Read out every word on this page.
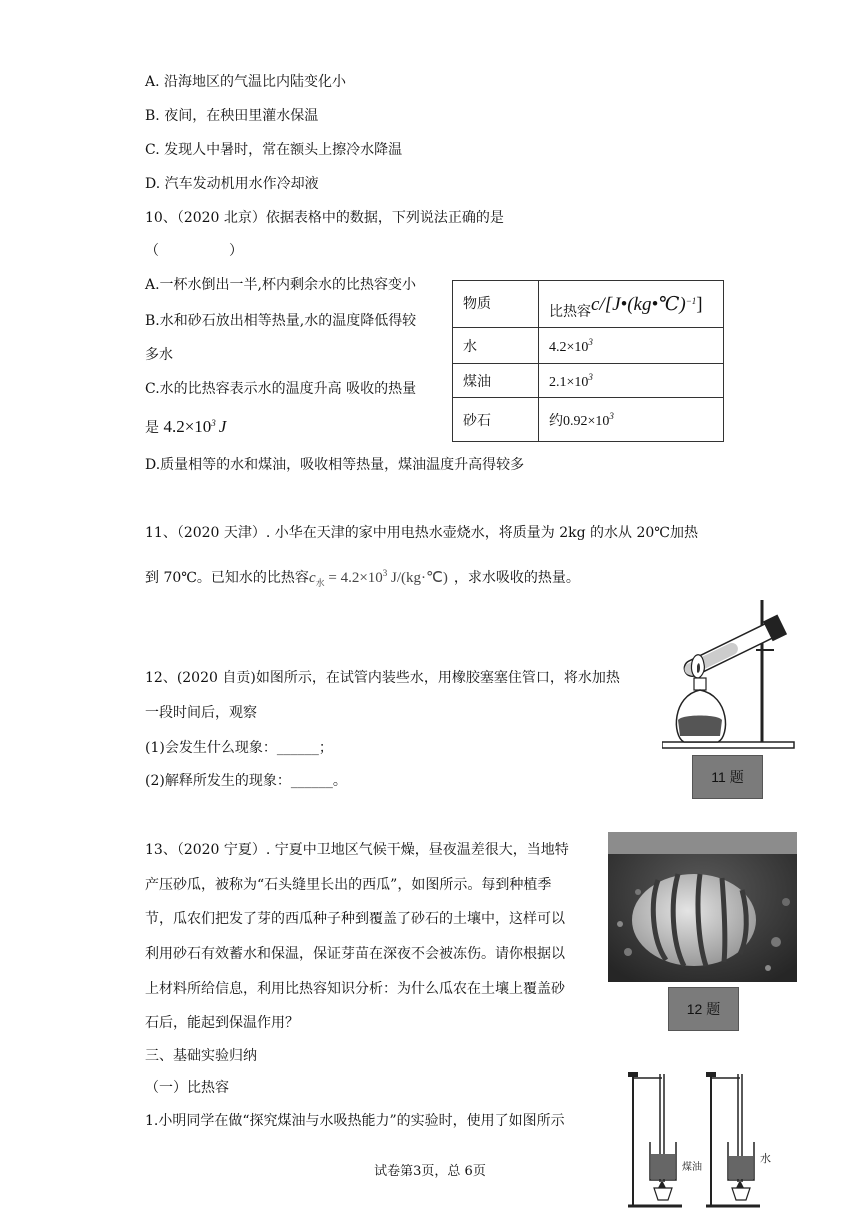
A. 沿海地区的气温比内陆变化小
B. 夜间，在秧田里灌水保温
C. 发现人中暑时，常在额头上擦冷水降温
D. 汽车发动机用水作冷却液
10、（2020 北京）依据表格中的数据，下列说法正确的是
（　　　　　）
A.一杯水倒出一半,杯内剩余水的比热容变小
B.水和砂石放出相等热量,水的温度降低得较
多水
C.水的比热容表示水的温度升高 吸收的热量
是 $4.2\times 10^3$ J
D.质量相等的水和煤油，吸收相等热量，煤油温度升高得较多
物质	比热容c/[J•(kg•℃)$^{-1}$]
水	$4.2\times 10^3$
煤油	$2.1\times 10^3$
砂石	约$0.92\times 10^3$
11、（2020 天津）. 小华在天津的家中用电热水壶烧水，将质量为 2kg 的水从 20℃加热
到 70℃。已知水的比热容$c_水 = 4.2\times 10^3$ J/(kg·℃) ，求水吸收的热量。
12、(2020 自贡)如图所示，在试管内装些水，用橡胶塞塞住管口，将水加热
一段时间后，观察
(1)会发生什么现象：______；
(2)解释所发生的现象：______。	11 题
13、（2020 宁夏）. 宁夏中卫地区气候干燥，昼夜温差很大，当地特
产压砂瓜，被称为“石头缝里长出的西瓜”，如图所示。每到种植季
节，瓜农们把发了芽的西瓜种子种到覆盖了砂石的土壤中，这样可以
利用砂石有效蓄水和保温，保证芽苗在深夜不会被冻伤。请你根据以
上材料所给信息，利用比热容知识分析：为什么瓜农在土壤上覆盖砂
石后，能起到保温作用？
12 题
三、基础实验归纳
（一）比热容
1.小明同学在做“探究煤油与水吸热能力”的实验时，使用了如图所示
煤油
水
试卷第3页，总 6页
